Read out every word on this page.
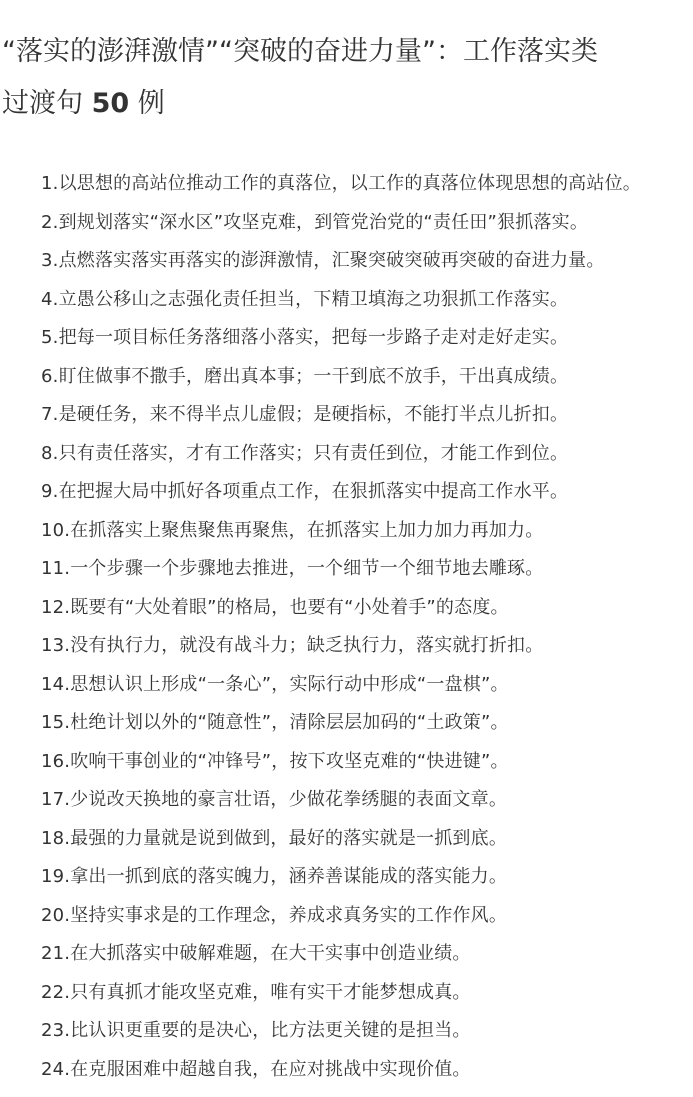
“落实的澎湃激情”“突破的奋进力量”：工作落实类
过渡句 50 例
1.以思想的高站位推动工作的真落位，以工作的真落位体现思想的高站位。
2.到规划落实“深水区”攻坚克难，到管党治党的“责任田”狠抓落实。
3.点燃落实落实再落实的澎湃激情，汇聚突破突破再突破的奋进力量。
4.立愚公移山之志强化责任担当，下精卫填海之功狠抓工作落实。
5.把每一项目标任务落细落小落实，把每一步路子走对走好走实。
6.盯住做事不撒手，磨出真本事；一干到底不放手，干出真成绩。
7.是硬任务，来不得半点儿虚假；是硬指标，不能打半点儿折扣。
8.只有责任落实，才有工作落实；只有责任到位，才能工作到位。
9.在把握大局中抓好各项重点工作，在狠抓落实中提高工作水平。
10.在抓落实上聚焦聚焦再聚焦，在抓落实上加力加力再加力。
11.一个步骤一个步骤地去推进，一个细节一个细节地去雕琢。
12.既要有“大处着眼”的格局，也要有“小处着手”的态度。
13.没有执行力，就没有战斗力；缺乏执行力，落实就打折扣。
14.思想认识上形成“一条心”，实际行动中形成“一盘棋”。
15.杜绝计划以外的“随意性”，清除层层加码的“土政策”。
16.吹响干事创业的“冲锋号”，按下攻坚克难的“快进键”。
17.少说改天换地的豪言壮语，少做花拳绣腿的表面文章。
18.最强的力量就是说到做到，最好的落实就是一抓到底。
19.拿出一抓到底的落实魄力，涵养善谋能成的落实能力。
20.坚持实事求是的工作理念，养成求真务实的工作作风。
21.在大抓落实中破解难题，在大干实事中创造业绩。
22.只有真抓才能攻坚克难，唯有实干才能梦想成真。
23.比认识更重要的是决心，比方法更关键的是担当。
24.在克服困难中超越自我，在应对挑战中实现价值。
